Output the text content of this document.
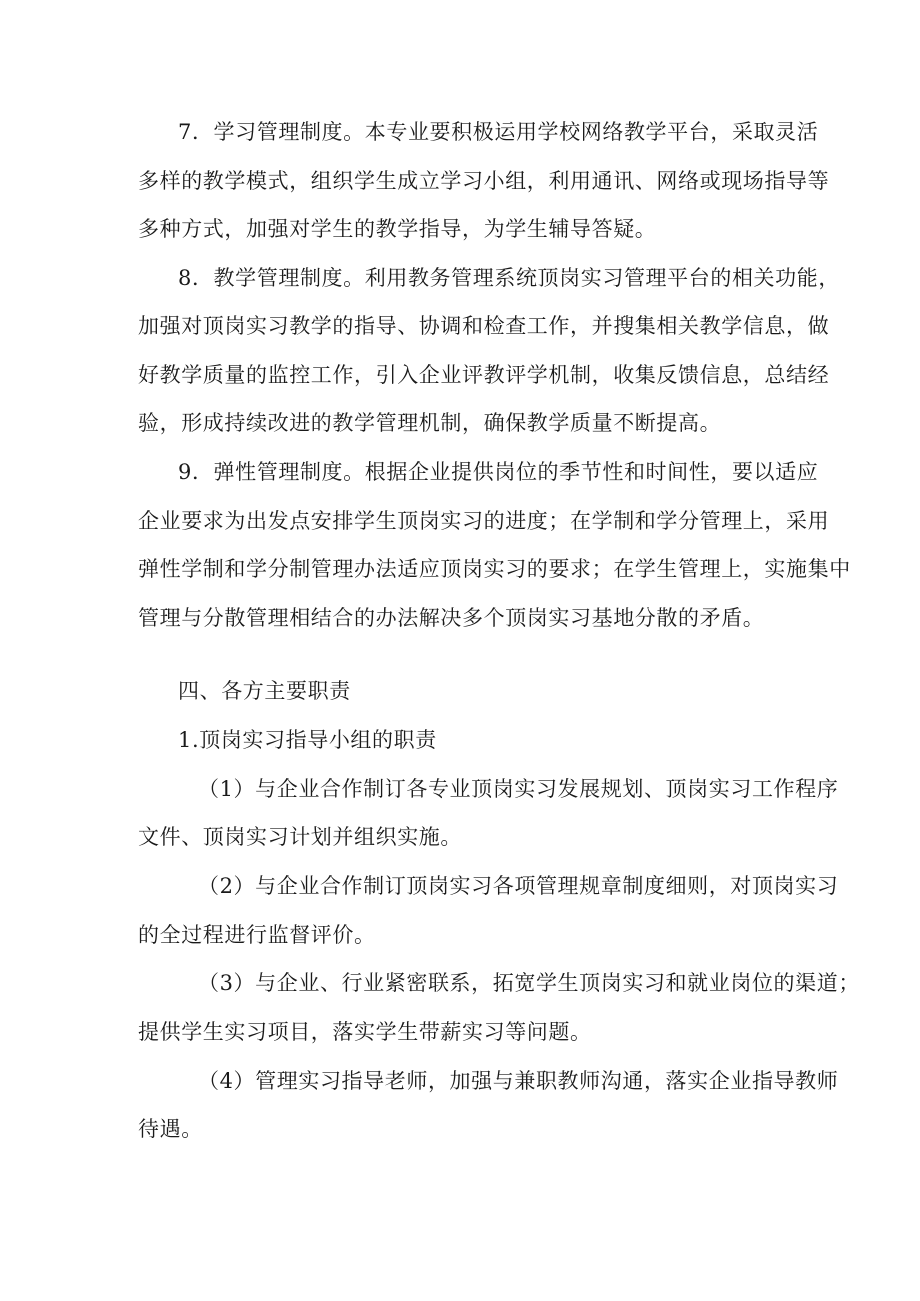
7．学习管理制度。本专业要积极运用学校网络教学平台，采取灵活
多样的教学模式，组织学生成立学习小组，利用通讯、网络或现场指导等
多种方式，加强对学生的教学指导，为学生辅导答疑。
8．教学管理制度。利用教务管理系统顶岗实习管理平台的相关功能，
加强对顶岗实习教学的指导、协调和检查工作，并搜集相关教学信息，做
好教学质量的监控工作，引入企业评教评学机制，收集反馈信息，总结经
验，形成持续改进的教学管理机制，确保教学质量不断提高。
9．弹性管理制度。根据企业提供岗位的季节性和时间性，要以适应
企业要求为出发点安排学生顶岗实习的进度；在学制和学分管理上，采用
弹性学制和学分制管理办法适应顶岗实习的要求；在学生管理上，实施集中
管理与分散管理相结合的办法解决多个顶岗实习基地分散的矛盾。
四、各方主要职责
1.顶岗实习指导小组的职责
（1）与企业合作制订各专业顶岗实习发展规划、顶岗实习工作程序
文件、顶岗实习计划并组织实施。
（2）与企业合作制订顶岗实习各项管理规章制度细则，对顶岗实习
的全过程进行监督评价。
（3）与企业、行业紧密联系，拓宽学生顶岗实习和就业岗位的渠道；
提供学生实习项目，落实学生带薪实习等问题。
（4）管理实习指导老师，加强与兼职教师沟通，落实企业指导教师
待遇。
